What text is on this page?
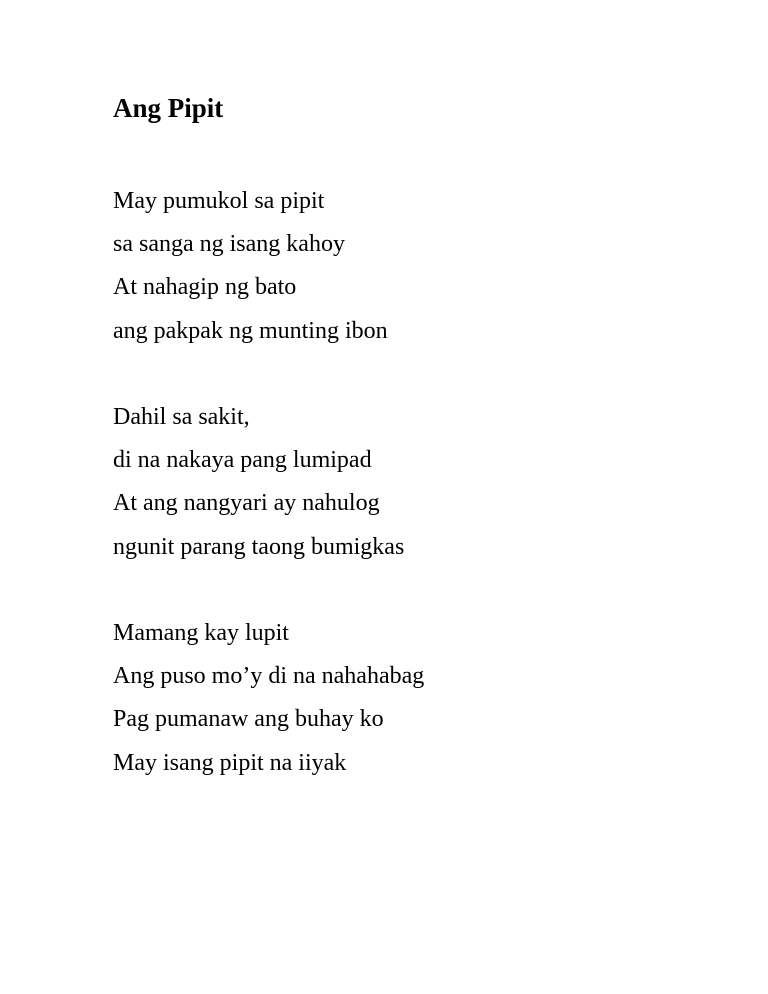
Ang Pipit
May pumukol sa pipit
sa sanga ng isang kahoy
At nahagip ng bato
ang pakpak ng munting ibon
Dahil sa sakit,
di na nakaya pang lumipad
At ang nangyari ay nahulog
ngunit parang taong bumigkas
Mamang kay lupit
Ang puso mo’y di na nahahabag
Pag pumanaw ang buhay ko
May isang pipit na iiyak
